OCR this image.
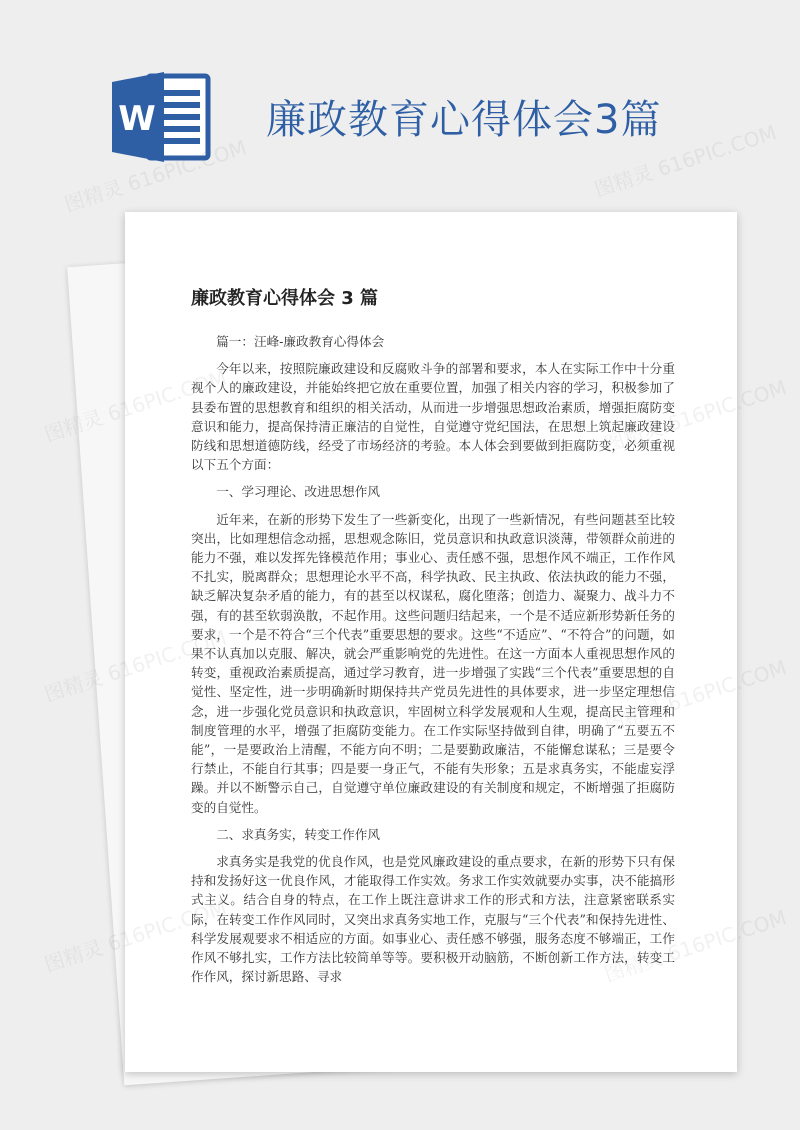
W	廉政教育心得体会3篇
图精灵 616PIC.COM	图精灵 616PIC.COM
图精灵
图精灵
图精灵
廉政教育心得体会 3 篇

篇一：汪峰-廉政教育心得体会

今年以来，按照院廉政建设和反腐败斗争的部署和要求，本人在实际工作中十分重视个人的廉政建设，并能始终把它放在重要位置，加强了相关内容的学习，积极参加了县委布置的思想教育和组织的相关活动，从而进一步增强思想政治素质，增强拒腐防变意识和能力，提高保持清正廉洁的自觉性，自觉遵守党纪国法，在思想上筑起廉政建设防线和思想道德防线，经受了市场经济的考验。本人体会到要做到拒腐防变，必须重视以下五个方面：

一、学习理论、改进思想作风

近年来，在新的形势下发生了一些新变化，出现了一些新情况，有些问题甚至比较突出，比如理想信念动摇，思想观念陈旧，党员意识和执政意识淡薄，带领群众前进的能力不强，难以发挥先锋模范作用；事业心、责任感不强，思想作风不端正，工作作风不扎实，脱离群众；思想理论水平不高，科学执政、民主执政、依法执政的能力不强，缺乏解决复杂矛盾的能力，有的甚至以权谋私，腐化堕落；创造力、凝聚力、战斗力不强，有的甚至软弱涣散，不起作用。这些问题归结起来，一个是不适应新形势新任务的要求，一个是不符合“三个代表”重要思想的要求。这些“不适应”、“不符合”的问题，如果不认真加以克服、解决，就会严重影响党的先进性。在这一方面本人重视思想作风的转变，重视政治素质提高，通过学习教育，进一步增强了实践“三个代表”重要思想的自觉性、坚定性，进一步明确新时期保持共产党员先进性的具体要求，进一步坚定理想信念，进一步强化党员意识和执政意识，牢固树立科学发展观和人生观，提高民主管理和制度管理的水平，增强了拒腐防变能力。在工作实际坚持做到自律，明确了“五要五不能”，一是要政治上清醒，不能方向不明；二是要勤政廉洁，不能懈怠谋私；三是要令行禁止，不能自行其事；四是要一身正气，不能有失形象；五是求真务实，不能虚妄浮躁。并以不断警示自己，自觉遵守单位廉政建设的有关制度和规定，不断增强了拒腐防变的自觉性。

二、求真务实，转变工作作风

求真务实是我党的优良作风，也是党风廉政建设的重点要求，在新的形势下只有保持和发扬好这一优良作风，才能取得工作实效。务求工作实效就要办实事，决不能搞形式主义。结合自身的特点，在工作上既注意讲求工作的形式和方法，注意紧密联系实际，在转变工作作风同时，又突出求真务实地工作，克服与“三个代表”和保持先进性、科学发展观要求不相适应的方面。如事业心、责任感不够强，服务态度不够端正，工作作风不够扎实，工作方法比较简单等等。要积极开动脑筋，不断创新工作方法，转变工作作风，探讨新思路、寻求
